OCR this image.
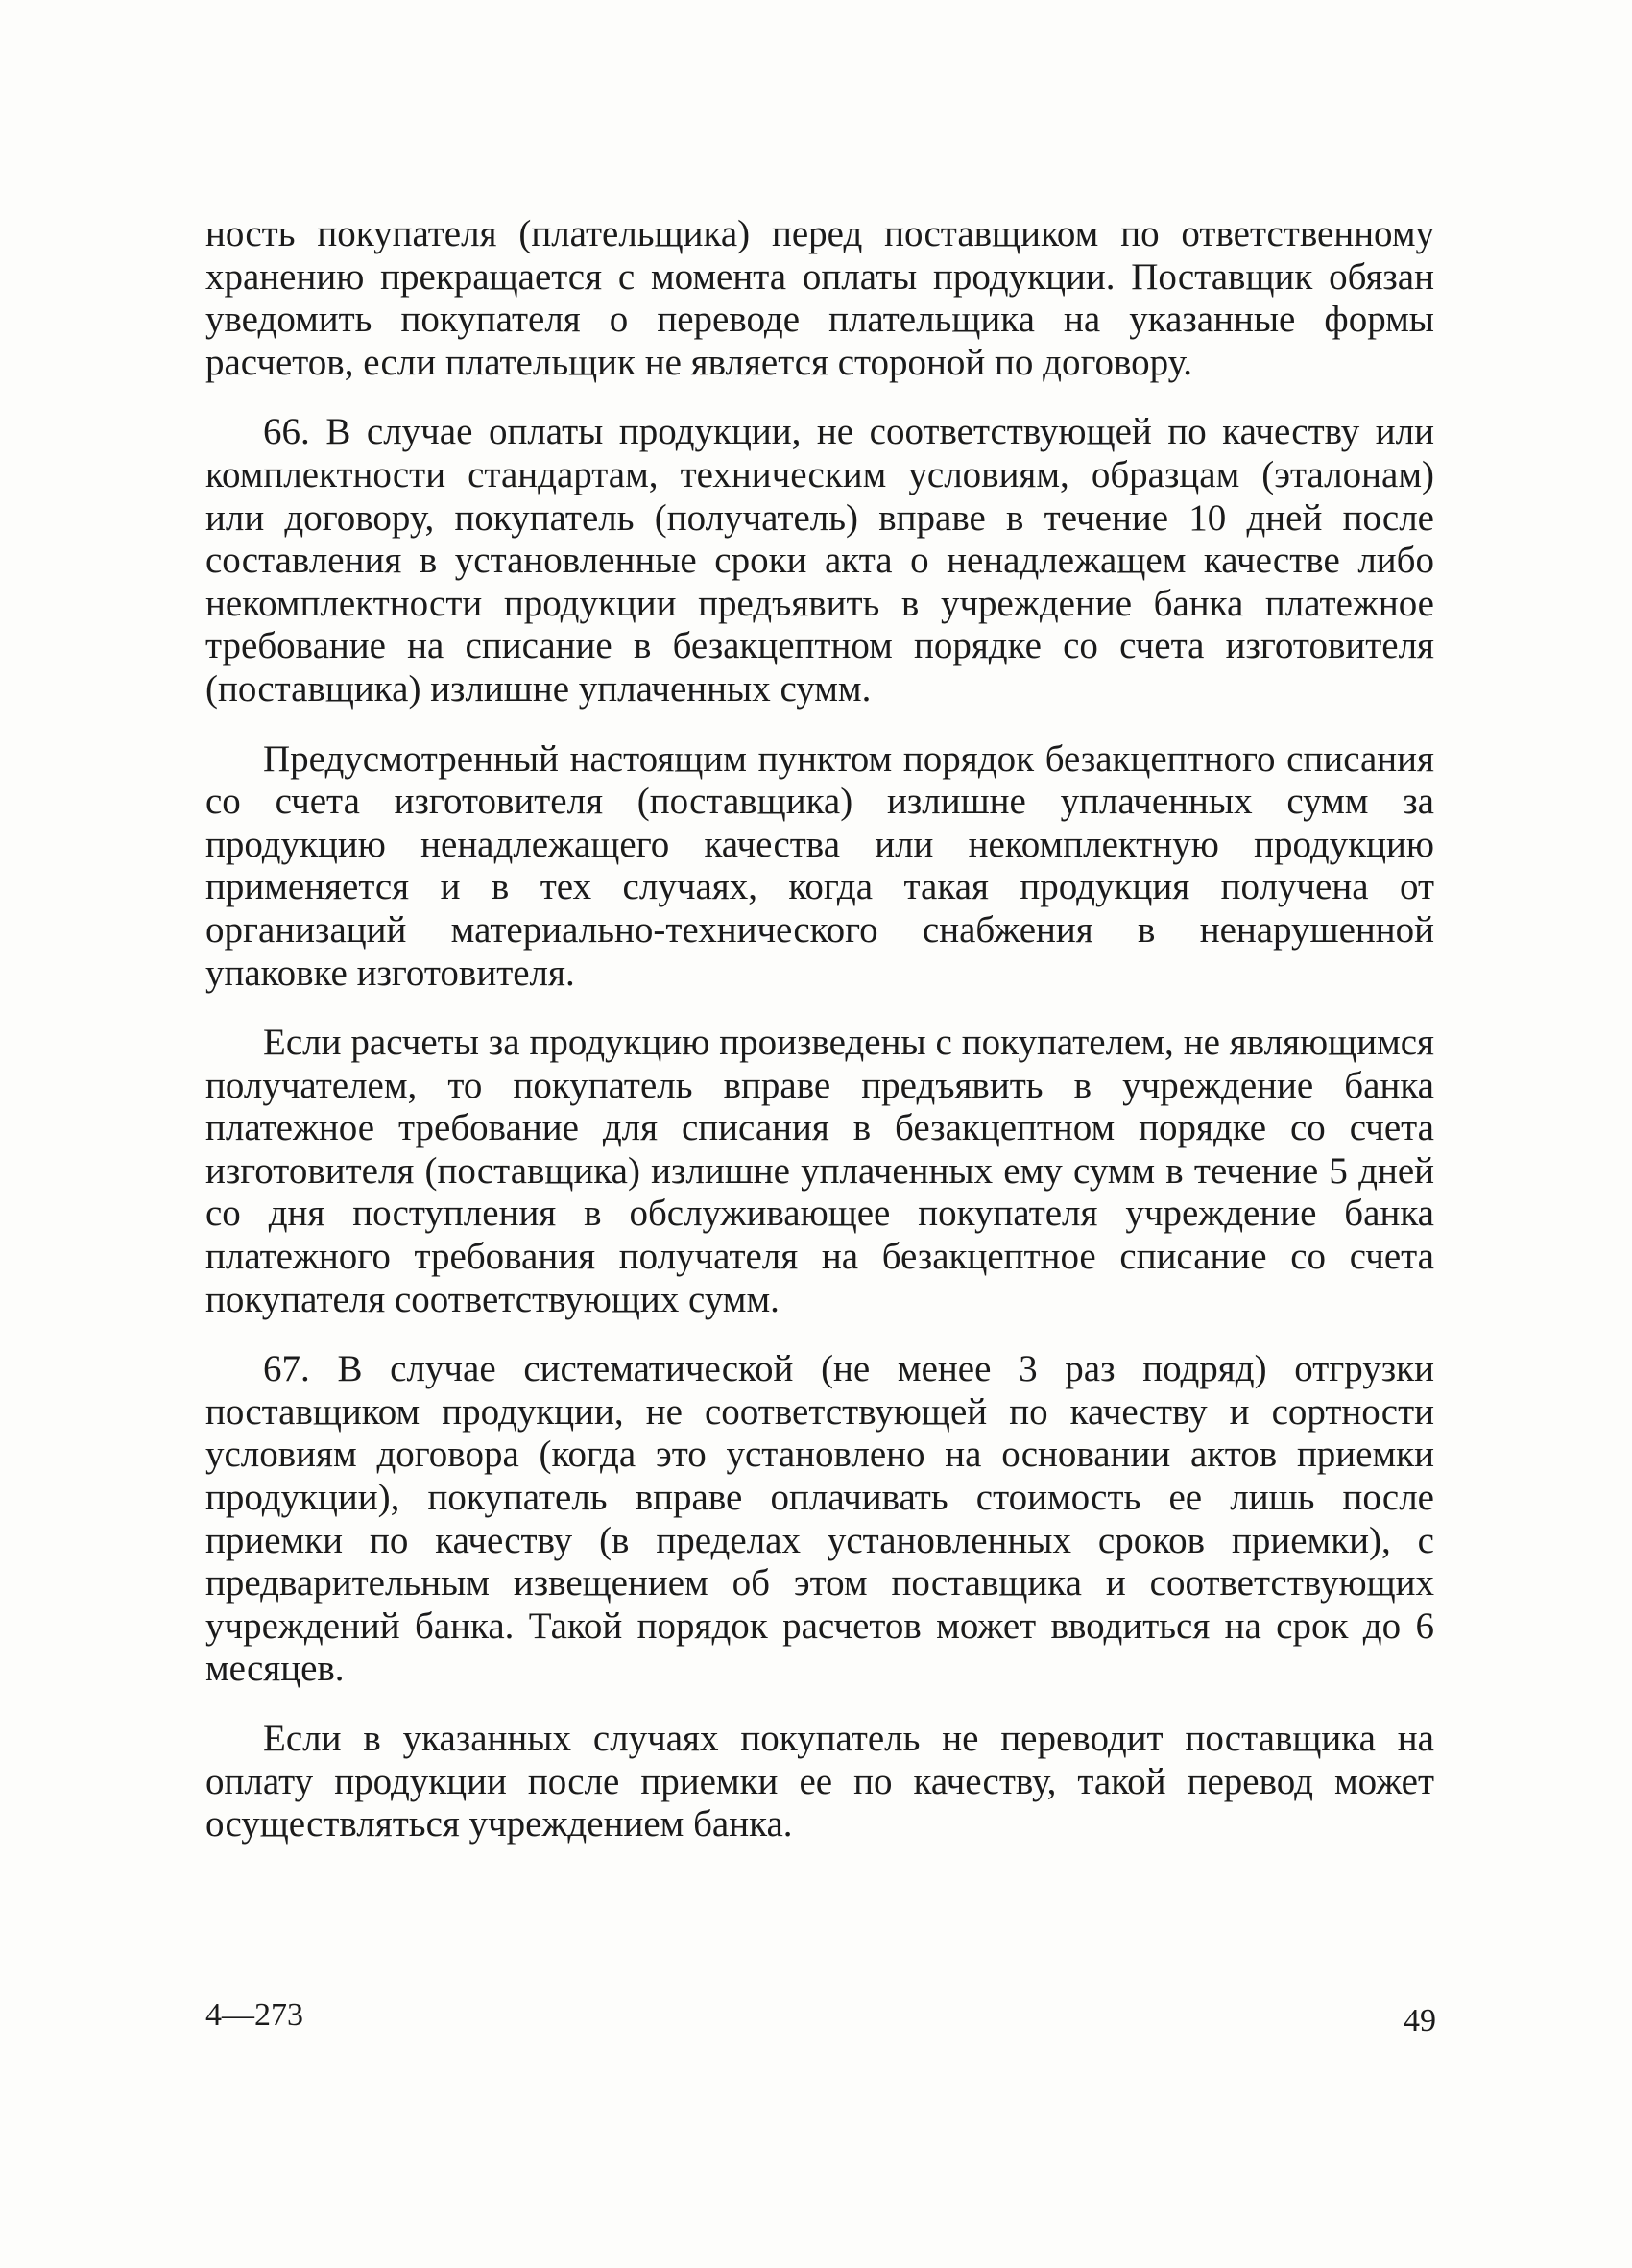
ность покупателя (плательщика) перед поставщиком по ответственному хранению прекращается с момента оплаты продукции. Поставщик обязан уведомить покупателя о переводе плательщика на указанные формы расчетов, если плательщик не является стороной по договору.

66. В случае оплаты продукции, не соответствующей по качеству или комплектности стандартам, техническим условиям, образцам (эталонам) или договору, покупатель (получатель) вправе в течение 10 дней после составления в установленные сроки акта о ненадлежащем качестве либо некомплектности продукции предъявить в учреждение банка платежное требование на списание в безакцептном порядке со счета изготовителя (поставщика) излишне уплаченных сумм.

Предусмотренный настоящим пунктом порядок безакцептного списания со счета изготовителя (поставщика) излишне уплаченных сумм за продукцию ненадлежащего качества или некомплектную продукцию применяется и в тех случаях, когда такая продукция получена от организаций материально-технического снабжения в ненарушенной упаковке изготовителя.

Если расчеты за продукцию произведены с покупателем, не являющимся получателем, то покупатель вправе предъявить в учреждение банка платежное требование для списания в безакцептном порядке со счета изготовителя (поставщика) излишне уплаченных ему сумм в течение 5 дней со дня поступления в обслуживающее покупателя учреждение банка платежного требования получателя на безакцептное списание со счета покупателя соответствующих сумм.

67. В случае систематической (не менее 3 раз подряд) отгрузки поставщиком продукции, не соответствующей по качеству и сортности условиям договора (когда это установлено на основании актов приемки продукции), покупатель вправе оплачивать стоимость ее лишь после приемки по качеству (в пределах установленных сроков приемки), с предварительным извещением об этом поставщика и соответствующих учреждений банка. Такой порядок расчетов может вводиться на срок до 6 месяцев.

Если в указанных случаях покупатель не переводит поставщика на оплату продукции после приемки ее по качеству, такой перевод может осуществляться учреждением банка.

4—273	49
